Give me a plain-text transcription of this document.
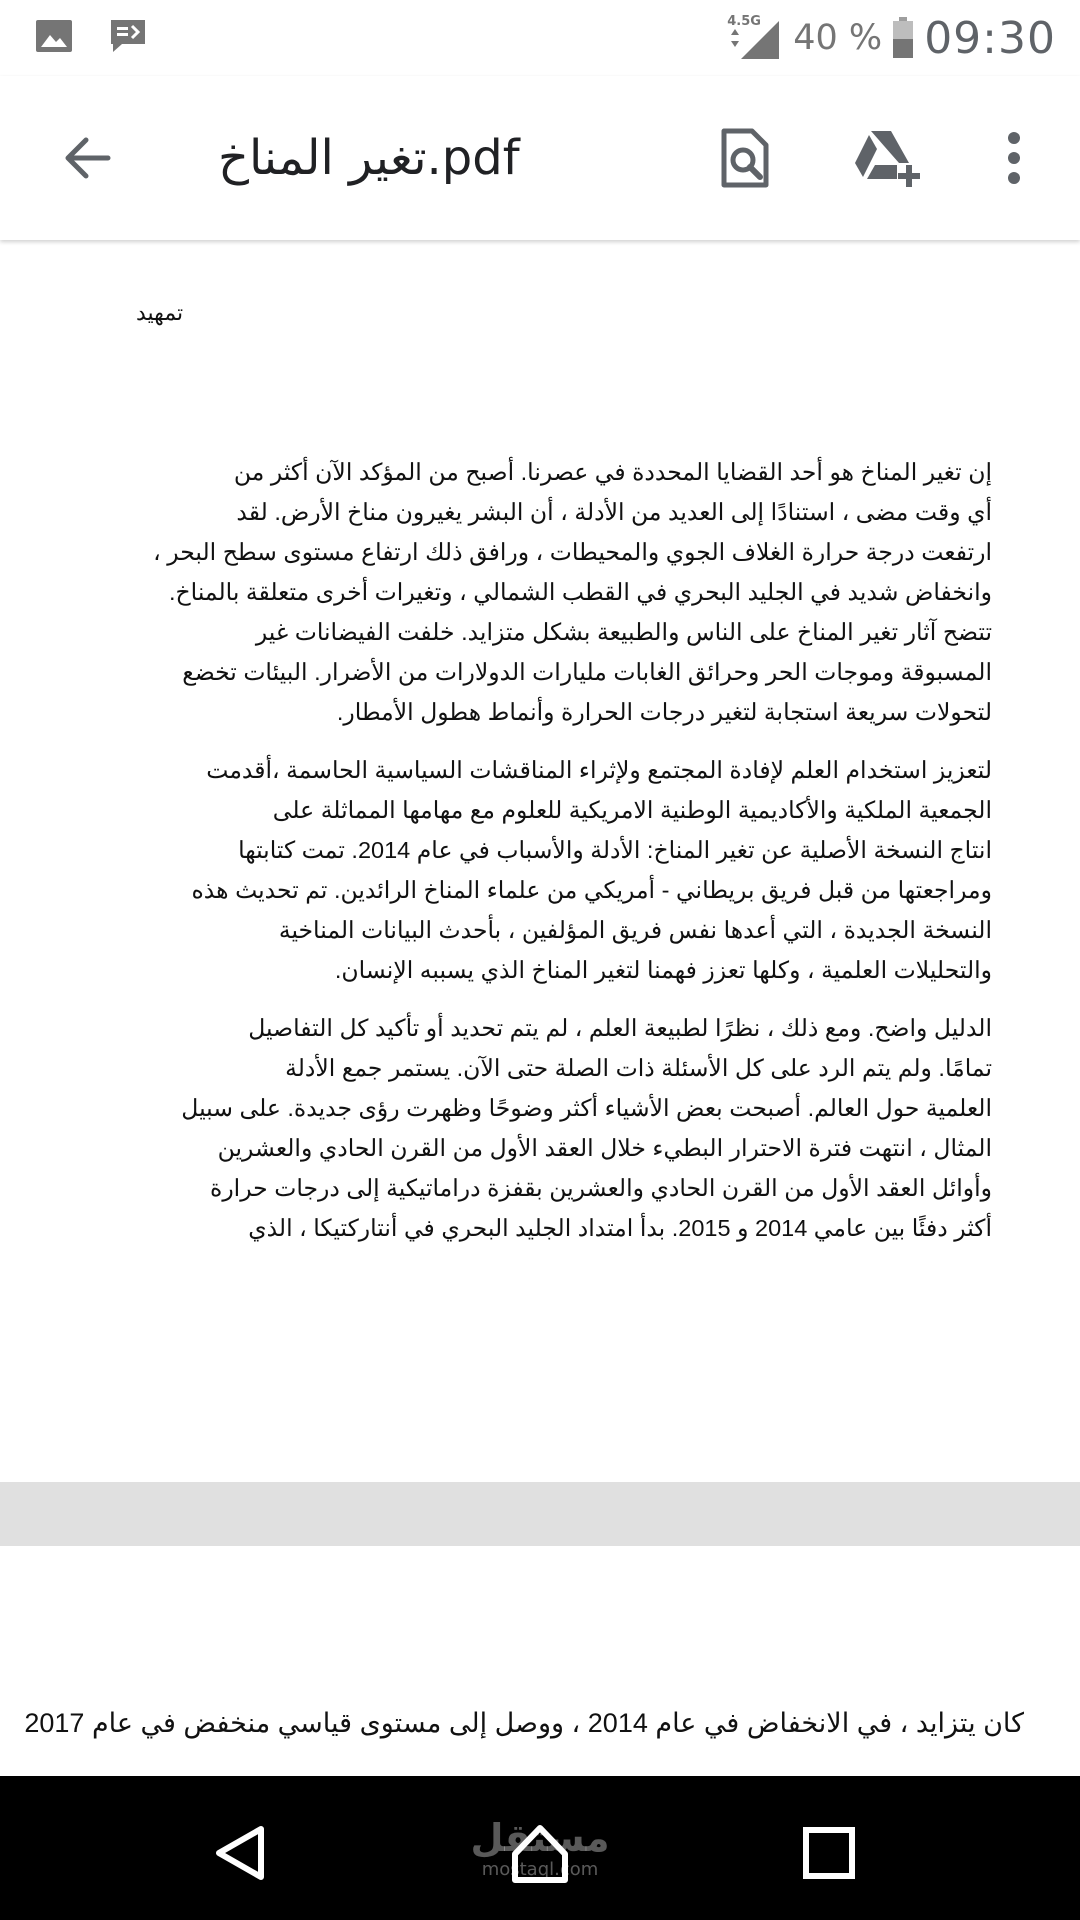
4.5G 40 % 09:30
تغير المناخ.pdf
تمهيد
إن تغير المناخ هو أحد القضايا المحددة في عصرنا. أصبح من المؤكد الآن أكثر من
أي وقت مضى ، استنادًا إلى العديد من الأدلة ، أن البشر يغيرون مناخ الأرض. لقد
ارتفعت درجة حرارة الغلاف الجوي والمحيطات ، ورافق ذلك ارتفاع مستوى سطح البحر ،
وانخفاض شديد في الجليد البحري في القطب الشمالي ، وتغيرات أخرى متعلقة بالمناخ.
تتضح آثار تغير المناخ على الناس والطبيعة بشكل متزايد. خلفت الفيضانات غير
المسبوقة وموجات الحر وحرائق الغابات مليارات الدولارات من الأضرار. البيئات تخضع
لتحولات سريعة استجابة لتغير درجات الحرارة وأنماط هطول الأمطار.
لتعزيز استخدام العلم لإفادة المجتمع ولإثراء المناقشات السياسية الحاسمة ،أقدمت
الجمعية الملكية والأكاديمية الوطنية الامريكية للعلوم مع مهامها المماثلة على
انتاج النسخة الأصلية عن تغير المناخ: الأدلة والأسباب في عام 2014. تمت كتابتها
ومراجعتها من قبل فريق بريطاني - أمريكي من علماء المناخ الرائدين. تم تحديث هذه
النسخة الجديدة ، التي أعدها نفس فريق المؤلفين ، بأحدث البيانات المناخية
والتحليلات العلمية ، وكلها تعزز فهمنا لتغير المناخ الذي يسببه الإنسان.
الدليل واضح. ومع ذلك ، نظرًا لطبيعة العلم ، لم يتم تحديد أو تأكيد كل التفاصيل
تمامًا. ولم يتم الرد على كل الأسئلة ذات الصلة حتى الآن. يستمر جمع الأدلة
العلمية حول العالم. أصبحت بعض الأشياء أكثر وضوحًا وظهرت رؤى جديدة. على سبيل
المثال ، انتهت فترة الاحترار البطيء خلال العقد الأول من القرن الحادي والعشرين
وأوائل العقد الأول من القرن الحادي والعشرين بقفزة دراماتيكية إلى درجات حرارة
أكثر دفئًا بين عامي 2014 و 2015. بدأ امتداد الجليد البحري في أنتاركتيكا ، الذي
كان يتزايد ، في الانخفاض في عام 2014 ، ووصل إلى مستوى قياسي منخفض في عام 2017
مستقل
mostaql.com
